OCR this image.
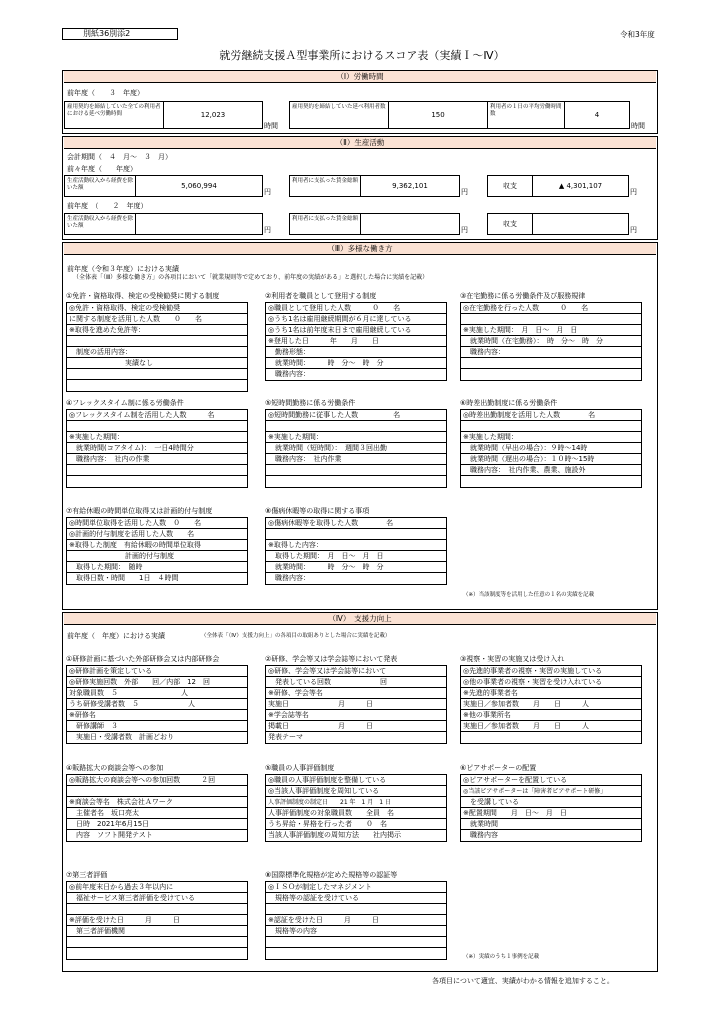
別紙36別添2	令和3年度
就労継続支援Ａ型事業所におけるスコア表（実績Ｉ～Ⅳ）
（Ⅰ）労働時間
前年度（　　３　年度）
雇用契約を締結していた全ての利用者における延べ労働時間	12,023
時間
雇用契約を締結していた延べ利用者数
150
利用者の１日の平均労働時間数	4
時間
（Ⅱ）生産活動
会計期間（　４　月～　３　月）
前々年度（　　年度）
生産活動収入から経費を除いた額	5,060,994
円
利用者に支払った賃金総額
9,362,101
円
収支	▲ 4,301,107
円
前年度　（　　２　年度）
生産活動収入から経費を除いた額	円
利用者に支払った賃金総額
円
収支
円
（Ⅲ）多様な働き方
前年度（令和３年度）における実績
（全体表「（Ⅲ）多様な働き方」の各項目において「就業規則等で定めており、前年度の実績がある」と選択した場合に実績を記載）
（※）当該制度等を活用した任意の１名の実績を記載
①免許・資格取得、検定の受検勧奨に関する制度
◎免許・資格取得、検定の受検勧奨
に関する制度を活用した人数　　０　　名
※取得を進めた免許等：
　制度の活用内容：
　　　　　　　　実績なし
②利用者を職員として登用する制度
◎職員として登用した人数　　　０　　名
◎うち1名は雇用継続期間が６月に達している
◎うち1名は前年度末日まで雇用継続している
※登用した日　　　年　　月　　日
　勤務形態：
　就業時間：　　　時　分～　時　分
　職務内容：
③在宅勤務に係る労働条件及び服務規律
◎在宅勤務を行った人数　　　０　　名
※実施した期間：　月　日～　月　日
　就業時間（在宅勤務）：　時　分～　時　分
　職務内容：
④フレックスタイム制に係る労働条件
◎フレックスタイム制を活用した人数　　　名
※実施した期間：
　就業時間(コアタイム)：　一日4時間分
　職務内容：　社内の作業
⑤短時間勤務に係る労働条件
◎短時間勤務に従事した人数　　　　　名
※実施した期間：
　就業時間（短時間）：　週間３回出勤
　職務内容：　社内作業
⑥時差出勤制度に係る労働条件
◎時差出勤制度を活用した人数　　　　名
※実施した期間：
　就業時間（早出の場合）：９時～14時
　就業時間（遅出の場合）：１０時～15時
　職務内容：　社内作業、農業、施設外
⑦有給休暇の時間単位取得又は計画的付与制度
◎時間単位取得を活用した人数　０　　名
◎計画的付与制度を活用した人数　　名
※取得した制度　有給休暇の時間単位取得
　　　　　　　　計画的付与制度
　取得した期間：　随時
　取得日数・時間　　1日　４時間
⑧傷病休暇等の取得に関する事項
◎傷病休暇等を取得した人数　　　　名
※取得した内容：
　取得した期間：　月　日～　月　日
　就業時間：　　　時　分～　時　分
　職務内容：
（Ⅳ）　支援力向上
前年度（　年度）における実績	（全体表「（Ⅳ）支援力向上」の各項目の取組ありとした場合に実績を記載）
（※）実績のうち１事例を記載
①研修計画に基づいた外部研修会又は内部研修会
◎研修計画を策定している
◎研修実施回数　外部　　回／内部　12　回
対象職員数　５　　　　　　　　　人
うち研修受講者数　５　　　　　　　人
※研修名
　研修講師　３
　実施日・受講者数　計画どおり
②研修、学会等又は学会誌等において発表
◎研修、学会等又は学会誌等において
　発表している回数　　　　　　　回
※研修、学会等名
実施日　　　　　　　月　　　日
※学会誌等名
掲載日　　　　　　　月　　　日
発表テーマ
③視察・実習の実施又は受け入れ
◎先進的事業者の視察・実習の実施している
◎他の事業者の視察・実習を受け入れている
※先進的事業者名
実施日／参加者数　　月　　日　　　人
※他の事業所名
実施日／参加者数　　月　　日　　　人
④販路拡大の商談会等への参加
◎販路拡大の商談会等への参加回数　　　２回
※商談会等名　株式会社Ａワーク
　主催者名　坂口亮太
　日時　2021年6月15日
　内容　ソフト開発テスト
⑤職員の人事評価制度
◎職員の人事評価制度を整備している
◎当該人事評価制度を周知している
人事評価制度の制定日　　21 年　1 月　1 日
人事評価制度の対象職員数　　全員　名
うち昇給・昇格を行った者　　０　名
当該人事評価制度の周知方法　　社内掲示
⑥ピアサポーターの配置
◎ピアサポーターを配置している
◎当該ピアサポーターは「障害者ピアサポート研修」
　を受講している
※配置期間　　月　日～　月　日
　就業時間
　職務内容
⑦第三者評価
◎前年度末日から過去３年以内に
　福祉サービス第三者評価を受けている
※評価を受けた日　　　月　　　日
　第三者評価機関
⑧国際標準化規格が定めた規格等の認証等
◎ＩＳＯが制定したマネジメント
　規格等の認証を受けている
※認証を受けた日　　　月　　　日
　規格等の内容
各項目について適宜、実績がわかる情報を追加すること。
